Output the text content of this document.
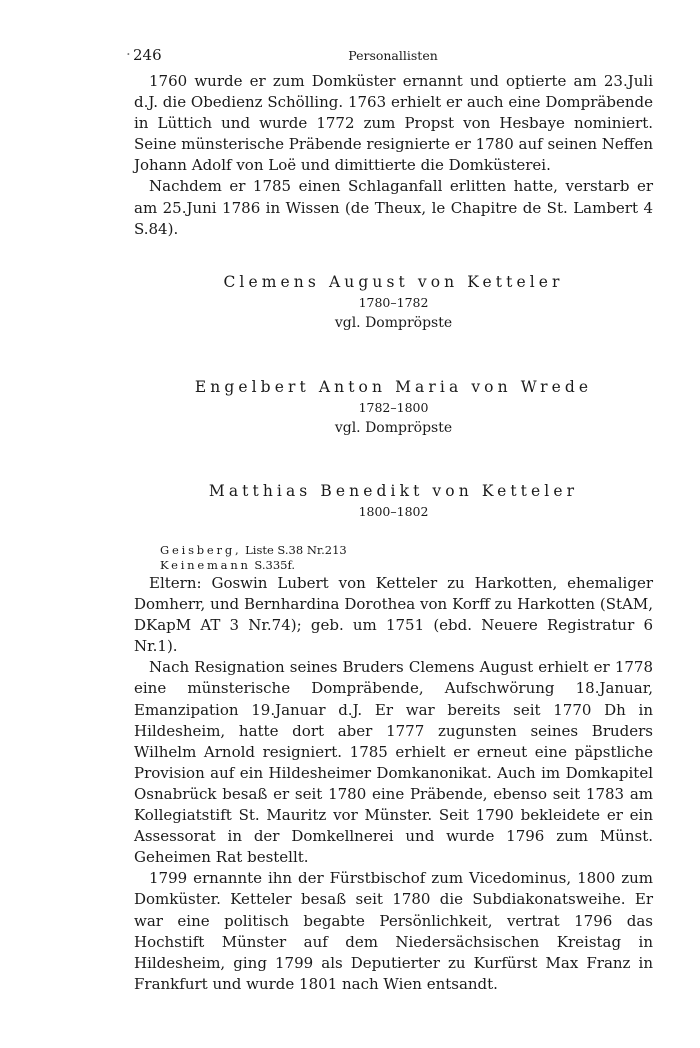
· 246	Personallisten

1760 wurde er zum Domküster ernannt und optierte am 23.Juli d.J. die Obedienz Schölling. 1763 erhielt er auch eine Dompräbende in Lüttich und wurde 1772 zum Propst von Hesbaye nominiert. Seine münsterische Präbende resignierte er 1780 auf seinen Neffen Johann Adolf von Loë und dimittierte die Domküsterei.

Nachdem er 1785 einen Schlaganfall erlitten hatte, verstarb er am 25.Juni 1786 in Wissen (de Theux, le Chapitre de St. Lambert 4 S.84).

Clemens August von Ketteler
1780–1782
vgl. Dompröpste
Engelbert Anton Maria von Wrede
1782–1800
vgl. Dompröpste
Matthias Benedikt von Ketteler
1800–1802
Geisberg, Liste S.38 Nr.213
Keinemann S.335f.

Eltern: Goswin Lubert von Ketteler zu Harkotten, ehemaliger Domherr, und Bernhardina Dorothea von Korff zu Harkotten (StAM, DKapM AT 3 Nr.74); geb. um 1751 (ebd. Neuere Registratur 6 Nr.1).

Nach Resignation seines Bruders Clemens August erhielt er 1778 eine münsterische Dompräbende, Aufschwörung 18.Januar, Emanzipation 19.Januar d.J. Er war bereits seit 1770 Dh in Hildesheim, hatte dort aber 1777 zugunsten seines Bruders Wilhelm Arnold resigniert. 1785 erhielt er erneut eine päpstliche Provision auf ein Hildesheimer Domkanonikat. Auch im Domkapitel Osnabrück besaß er seit 1780 eine Präbende, ebenso seit 1783 am Kollegiatstift St. Mauritz vor Münster. Seit 1790 bekleidete er ein Assessorat in der Domkellnerei und wurde 1796 zum Münst. Geheimen Rat bestellt.

1799 ernannte ihn der Fürstbischof zum Vicedominus, 1800 zum Domküster. Ketteler besaß seit 1780 die Subdiakonatsweihe. Er war eine politisch begabte Persönlichkeit, vertrat 1796 das Hochstift Münster auf dem Niedersächsischen Kreistag in Hildesheim, ging 1799 als Deputierter zu Kurfürst Max Franz in Frankfurt und wurde 1801 nach Wien entsandt.
